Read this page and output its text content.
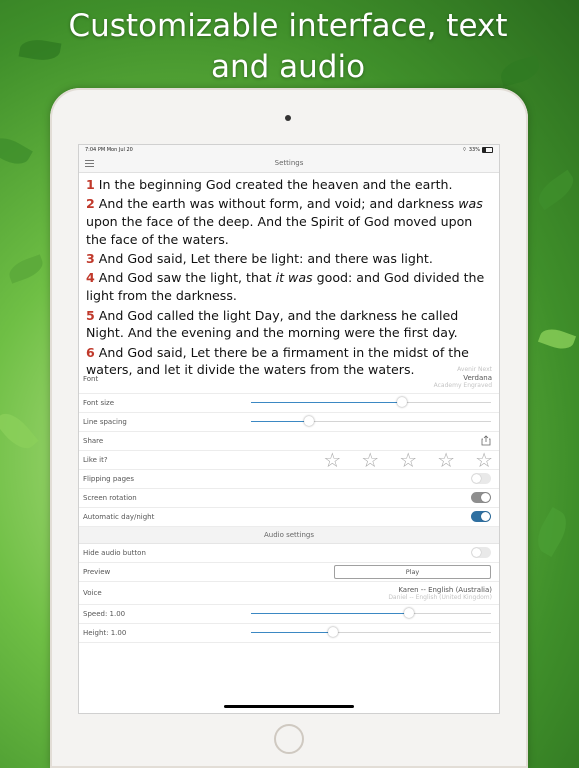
Customizable interface, text
and audio
7:04 PM Mon Jul 20	⌔ 33%
Settings

1 In the beginning God created the heaven and the earth.

2 And the earth was without form, and void; and darkness was upon the face of the deep. And the Spirit of God moved upon the face of the waters.

3 And God said, Let there be light: and there was light.

4 And God saw the light, that it was good: and God divided the light from the darkness.

5 And God called the light Day, and the darkness he called Night. And the evening and the morning were the first day.

6 And God said, Let there be a firmament in the midst of the waters, and let it divide the waters from the waters.

Font
Avenir Next
Verdana
Academy Engraved
Font size
Line spacing
Share
Like it?	☆ ☆ ☆ ☆ ☆
Flipping pages
Screen rotation
Automatic day/night
Audio settings
Hide audio button
Preview	Play
Voice	Karen -- English (Australia)
Daniel -- English (United Kingdom)
Speed: 1.00
Height: 1.00
